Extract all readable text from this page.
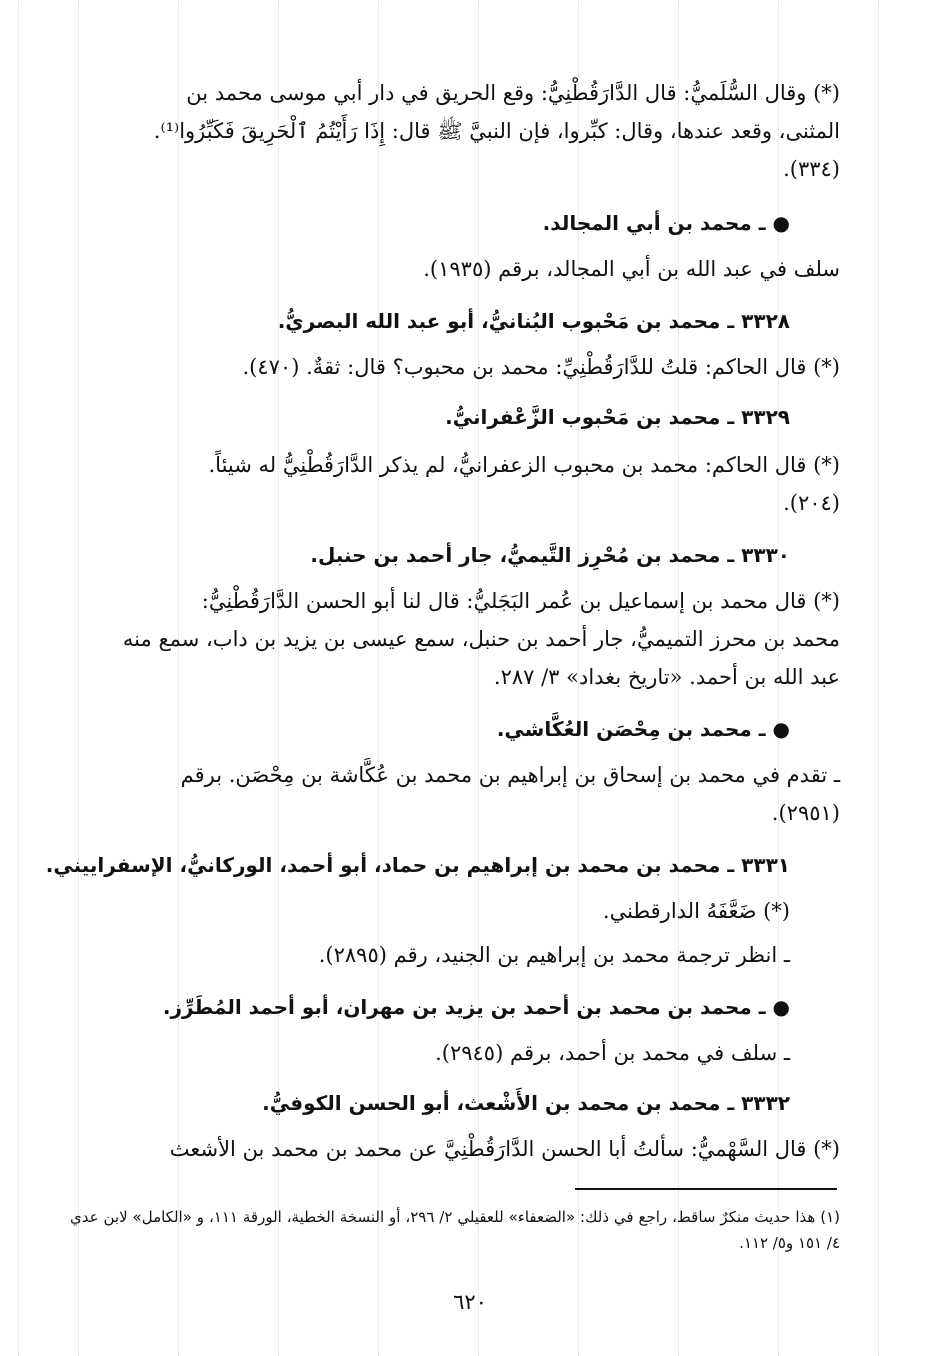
(*) وقال السُّلَميُّ: قال الدَّارَقُطْنِيُّ: وقع الحريق في دار أبي موسى محمد بن
المثنى، وقعد عندها، وقال: كبِّروا، فإن النبيَّ ﷺ قال: إِذَا رَأَيْتُمُ ٱلْحَرِيقَ فَكَبِّرُوا⁽¹⁾.
(٣٣٤).
● ـ محمد بن أبي المجالد.
سلف في عبد الله بن أبي المجالد، برقم (١٩٣٥).
٣٣٢٨ ـ محمد بن مَحْبوب البُنانيُّ، أبو عبد الله البصريُّ.
(*) قال الحاكم: قلتُ للدَّارَقُطْنِيِّ: محمد بن محبوب؟ قال: ثقةٌ. (٤٧٠).
٣٣٢٩ ـ محمد بن مَحْبوب الزَّعْفرانيُّ.
(*) قال الحاكم: محمد بن محبوب الزعفرانيُّ، لم يذكر الدَّارَقُطْنِيُّ له شيئاً.
(٢٠٤).
٣٣٣٠ ـ محمد بن مُحْرِز التَّيميُّ، جار أحمد بن حنبل.
(*) قال محمد بن إسماعيل بن عُمر البَجَليُّ: قال لنا أبو الحسن الدَّارَقُطْنِيُّ:
محمد بن محرز التميميُّ، جار أحمد بن حنبل، سمع عيسى بن يزيد بن داب، سمع منه
عبد الله بن أحمد. «تاريخ بغداد» ٣/ ٢٨٧.
● ـ محمد بن مِحْصَن العُكَّاشي.
ـ تقدم في محمد بن إسحاق بن إبراهيم بن محمد بن عُكَّاشة بن مِحْصَن. برقم
(٢٩٥١).
٣٣٣١ ـ محمد بن محمد بن إبراهيم بن حماد، أبو أحمد، الوركانيُّ، الإسفراييني.
(*) ضَعَّفَهُ الدارقطني.
ـ انظر ترجمة محمد بن إبراهيم بن الجنيد، رقم (٢٨٩٥).
● ـ محمد بن محمد بن أحمد بن يزيد بن مهران، أبو أحمد المُطَرِّز.
ـ سلف في محمد بن أحمد، برقم (٢٩٤٥).
٣٣٣٢ ـ محمد بن محمد بن الأَشْعث، أبو الحسن الكوفيُّ.
(*) قال السَّهْميُّ: سألتُ أبا الحسن الدَّارَقُطْنِيَّ عن محمد بن محمد بن الأشعث

(١) هذا حديث منكرٌ ساقط، راجع في ذلك: «الضعفاء» للعقيلي ٢/ ٢٩٦، أو النسخة الخطية، الورقة ١١١، و «الكامل» لابن عدي ٤/ ١٥١ و٥/ ١١٢.

٦٢٠
